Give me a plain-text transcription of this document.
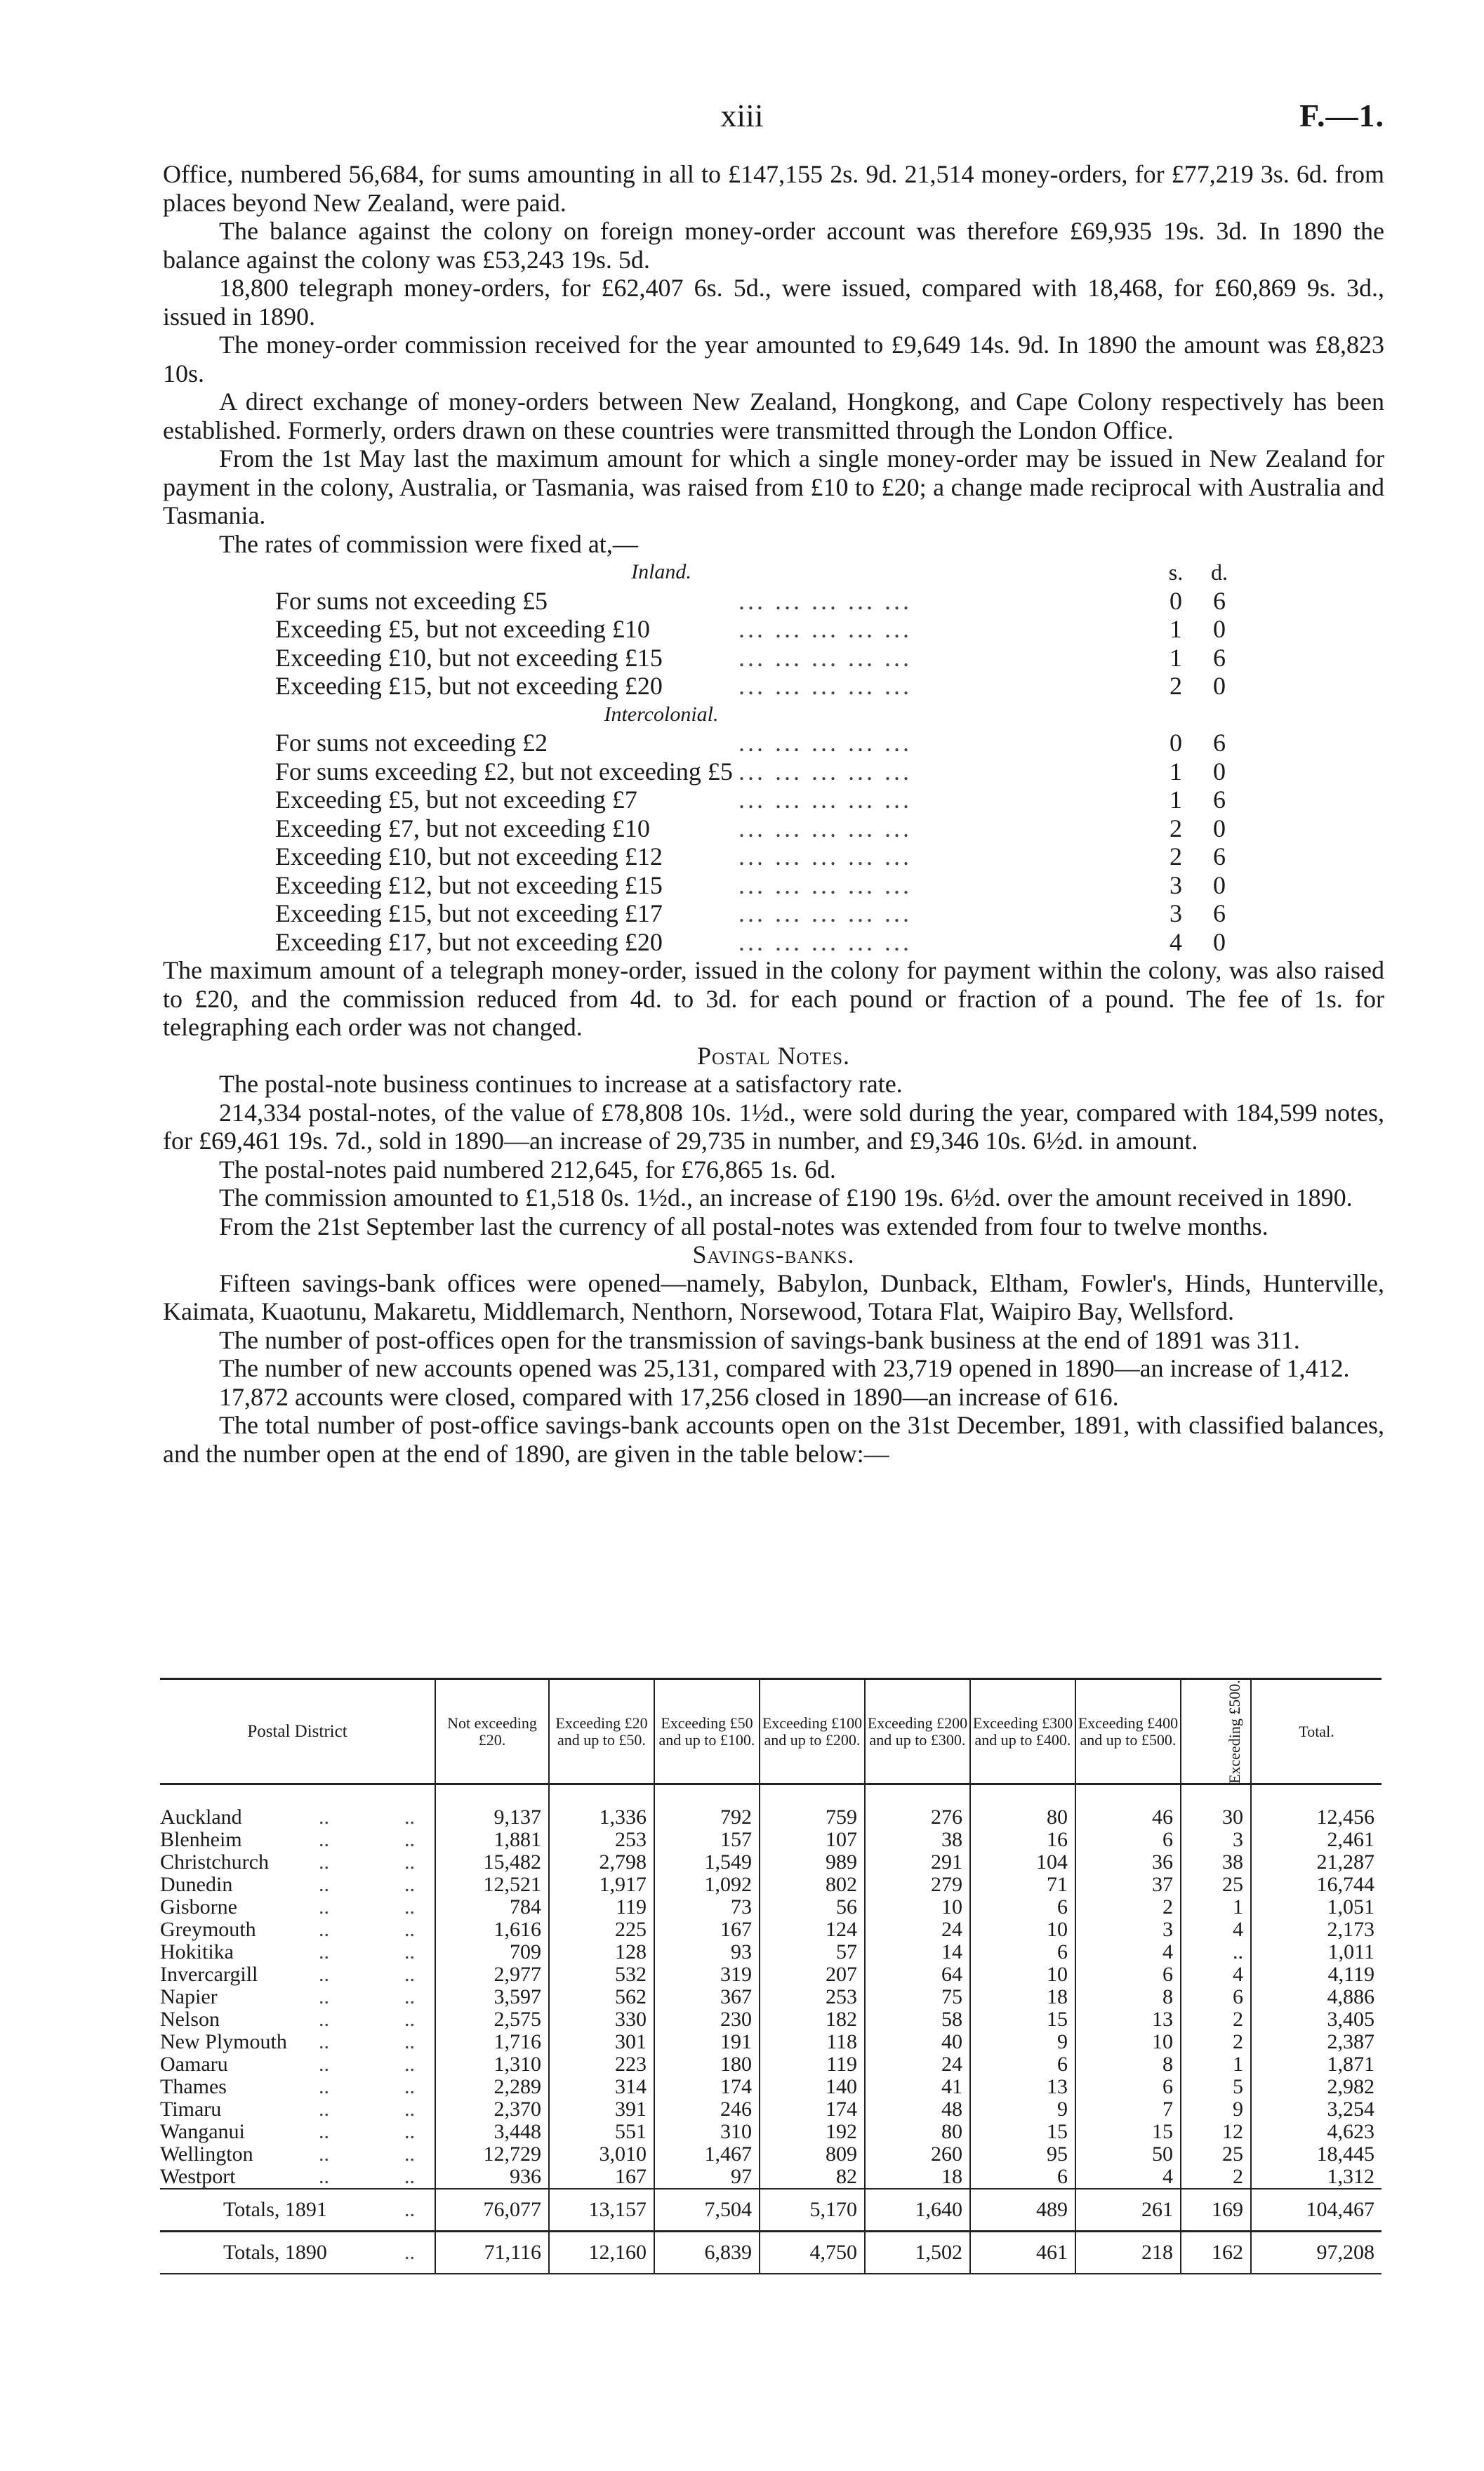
xiii	F.—1.

Office, numbered 56,684, for sums amounting in all to £147,155 2s. 9d. 21,514 money-orders, for £77,219 3s. 6d. from places beyond New Zealand, were paid.

The balance against the colony on foreign money-order account was therefore £69,935 19s. 3d. In 1890 the balance against the colony was £53,243 19s. 5d.

18,800 telegraph money-orders, for £62,407 6s. 5d., were issued, compared with 18,468, for £60,869 9s. 3d., issued in 1890.

The money-order commission received for the year amounted to £9,649 14s. 9d. In 1890 the amount was £8,823 10s.

A direct exchange of money-orders between New Zealand, Hongkong, and Cape Colony respectively has been established. Formerly, orders drawn on these countries were transmitted through the London Office.

From the 1st May last the maximum amount for which a single money-order may be issued in New Zealand for payment in the colony, Australia, or Tasmania, was raised from £10 to £20; a change made reciprocal with Australia and Tasmania.

The rates of commission were fixed at,—

Inland.	s. d.
For sums not exceeding £5	... ... ... ... ...	0 6
Exceeding £5, but not exceeding £10	... ... ... ... ...	1 0
Exceeding £10, but not exceeding £15	... ... ... ... ...	1 6
Exceeding £15, but not exceeding £20	... ... ... ... ...	2 0
Intercolonial.
For sums not exceeding £2	... ... ... ... ...	0 6
For sums exceeding £2, but not exceeding £5 ... ... ... ... ...	1 0
Exceeding £5, but not exceeding £7	... ... ... ... ...	1 6
Exceeding £7, but not exceeding £10	... ... ... ... ...	2 0
Exceeding £10, but not exceeding £12	... ... ... ... ...	2 6
Exceeding £12, but not exceeding £15	... ... ... ... ...	3 0
Exceeding £15, but not exceeding £17	... ... ... ... ...	3 6
Exceeding £17, but not exceeding £20	... ... ... ... ...	4 0

The maximum amount of a telegraph money-order, issued in the colony for payment within the colony, was also raised to £20, and the commission reduced from 4d. to 3d. for each pound or fraction of a pound. The fee of 1s. for telegraphing each order was not changed.

Postal Notes.

The postal-note business continues to increase at a satisfactory rate.

214,334 postal-notes, of the value of £78,808 10s. 1½d., were sold during the year, compared with 184,599 notes, for £69,461 19s. 7d., sold in 1890—an increase of 29,735 in number, and £9,346 10s. 6½d. in amount.

The postal-notes paid numbered 212,645, for £76,865 1s. 6d.

The commission amounted to £1,518 0s. 1½d., an increase of £190 19s. 6½d. over the amount received in 1890.

From the 21st September last the currency of all postal-notes was extended from four to twelve months.

Savings-banks.

Fifteen savings-bank offices were opened—namely, Babylon, Dunback, Eltham, Fowler's, Hinds, Hunterville, Kaimata, Kuaotunu, Makaretu, Middlemarch, Nenthorn, Norsewood, Totara Flat, Waipiro Bay, Wellsford.

The number of post-offices open for the transmission of savings-bank business at the end of 1891 was 311.

The number of new accounts opened was 25,131, compared with 23,719 opened in 1890—an increase of 1,412.

17,872 accounts were closed, compared with 17,256 closed in 1890—an increase of 616.

The total number of post-office savings-bank accounts open on the 31st December, 1891, with classified balances, and the number open at the end of 1890, are given in the table below:—

Postal District	Not exceeding £20.	Exceeding £20 and up to £50.	Exceeding £50 and up to £100.	Exceeding £100 and up to £200.	Exceeding £200 and up to £300.	Exceeding £300 and up to £400.	Exceeding £400 and up to £500.	Exceeding £500.	Total.

Auckland .. ..	9,137	1,336	792	759	276	80	46	30	12,456
Blenheim .. ..	1,881	253	157	107	38	16	6	3	2,461
Christchurch .. ..	15,482	2,798	1,549	989	291	104	36	38	21,287
Dunedin .. ..	12,521	1,917	1,092	802	279	71	37	25	16,744
Gisborne .. ..	784	119	73	56	10	6	2	1	1,051
Greymouth .. ..	1,616	225	167	124	24	10	3	4	2,173
Hokitika .. ..	709	128	93	57	14	6	4	..	1,011
Invercargill .. ..	2,977	532	319	207	64	10	6	4	4,119
Napier .. ..	3,597	562	367	253	75	18	8	6	4,886
Nelson .. ..	2,575	330	230	182	58	15	13	2	3,405
New Plymouth .. ..	1,716	301	191	118	40	9	10	2	2,387
Oamaru .. ..	1,310	223	180	119	24	6	8	1	1,871
Thames .. ..	2,289	314	174	140	41	13	6	5	2,982
Timaru .. ..	2,370	391	246	174	48	9	7	9	3,254
Wanganui .. ..	3,448	551	310	192	80	15	15	12	4,623
Wellington .. ..	12,729	3,010	1,467	809	260	95	50	25	18,445
Westport .. ..	936	167	97	82	18	6	4	2	1,312
Totals, 1891 ..	76,077	13,157	7,504	5,170	1,640	489	261	169	104,467
Totals, 1890 ..	71,116	12,160	6,839	4,750	1,502	461	218	162	97,208
